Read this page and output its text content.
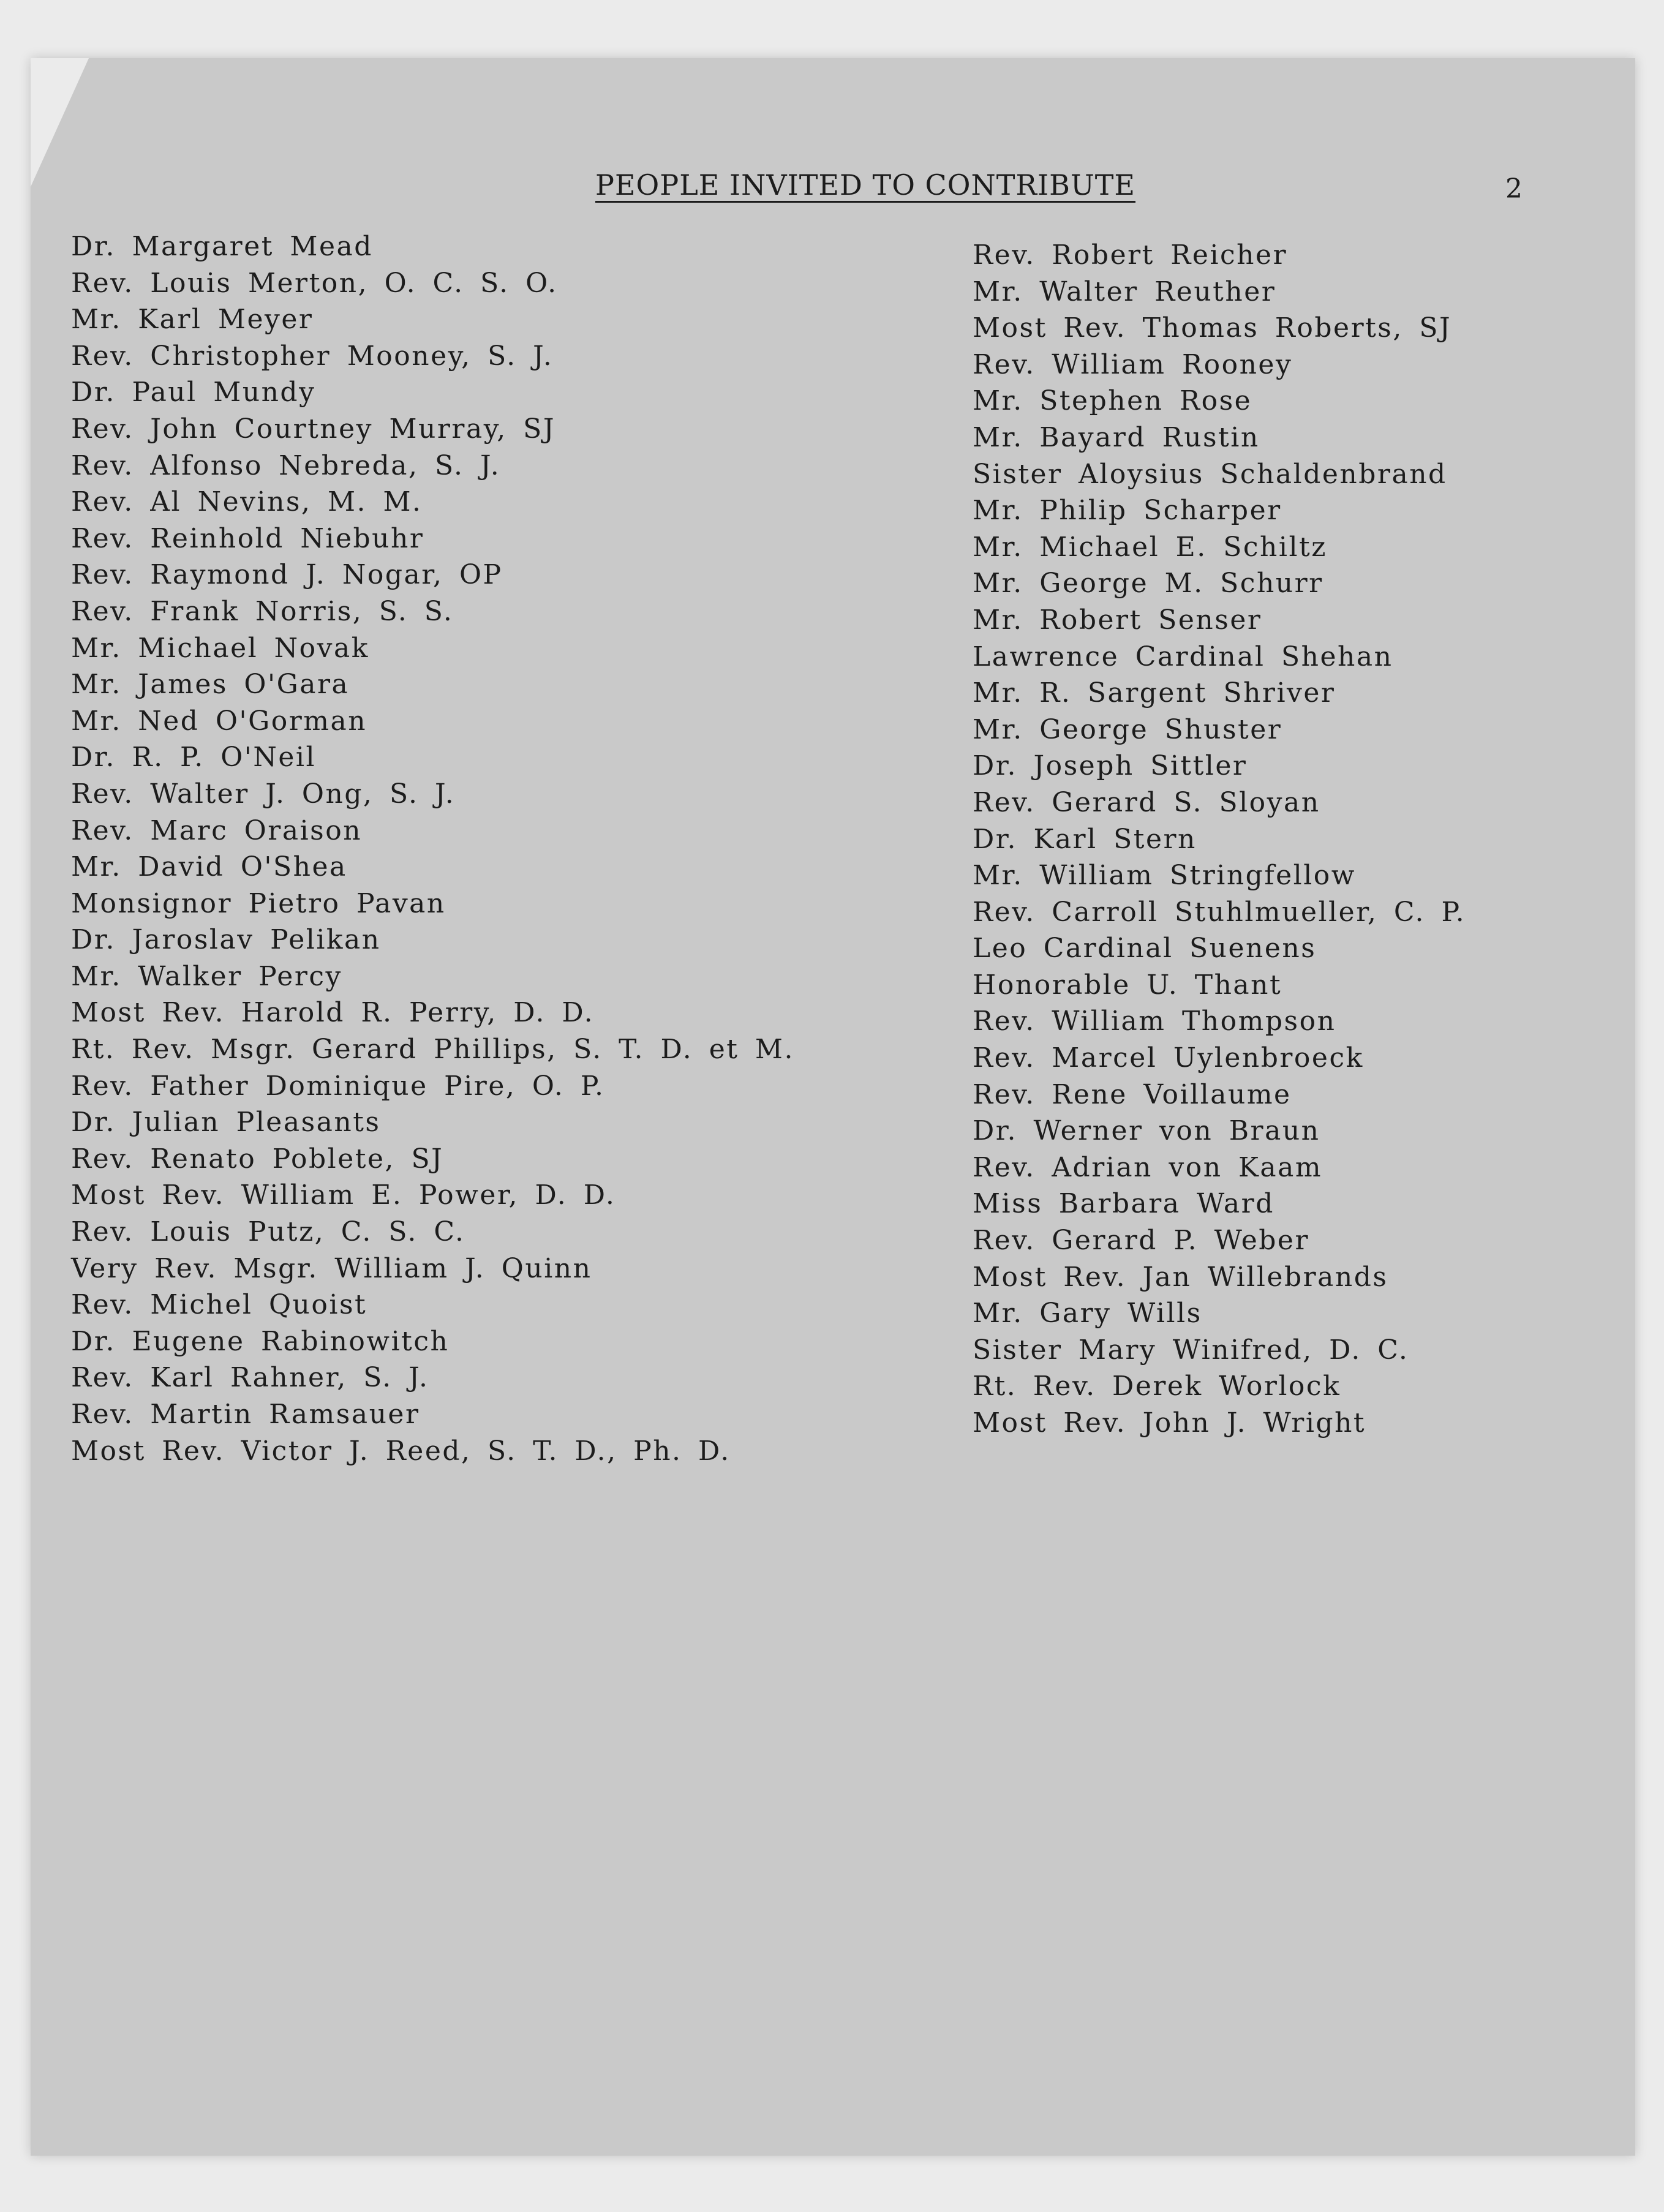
PEOPLE INVITED TO CONTRIBUTE	2
Dr. Margaret Mead
Rev. Louis Merton, O. C. S. O.
Mr. Karl Meyer
Rev. Christopher Mooney, S. J.
Dr. Paul Mundy
Rev. John Courtney Murray, SJ
Rev. Alfonso Nebreda, S. J.
Rev. Al Nevins, M. M.
Rev. Reinhold Niebuhr
Rev. Raymond J. Nogar, OP
Rev. Frank Norris, S. S.
Mr. Michael Novak
Mr. James O'Gara
Mr. Ned O'Gorman
Dr. R. P. O'Neil
Rev. Walter J. Ong, S. J.
Rev. Marc Oraison
Mr. David O'Shea
Monsignor Pietro Pavan
Dr. Jaroslav Pelikan
Mr. Walker Percy
Most Rev. Harold R. Perry, D. D.
Rt. Rev. Msgr. Gerard Phillips, S. T. D. et M.
Rev. Father Dominique Pire, O. P.
Dr. Julian Pleasants
Rev. Renato Poblete, SJ
Most Rev. William E. Power, D. D.
Rev. Louis Putz, C. S. C.
Very Rev. Msgr. William J. Quinn
Rev. Michel Quoist
Dr. Eugene Rabinowitch
Rev. Karl Rahner, S. J.
Rev. Martin Ramsauer
Most Rev. Victor J. Reed, S. T. D., Ph. D.
Rev. Robert Reicher
Mr. Walter Reuther
Most Rev. Thomas Roberts, SJ
Rev. William Rooney
Mr. Stephen Rose
Mr. Bayard Rustin
Sister Aloysius Schaldenbrand
Mr. Philip Scharper
Mr. Michael E. Schiltz
Mr. George M. Schurr
Mr. Robert Senser
Lawrence Cardinal Shehan
Mr. R. Sargent Shriver
Mr. George Shuster
Dr. Joseph Sittler
Rev. Gerard S. Sloyan
Dr. Karl Stern
Mr. William Stringfellow
Rev. Carroll Stuhlmueller, C. P.
Leo Cardinal Suenens
Honorable U. Thant
Rev. William Thompson
Rev. Marcel Uylenbroeck
Rev. Rene Voillaume
Dr. Werner von Braun
Rev. Adrian von Kaam
Miss Barbara Ward
Rev. Gerard P. Weber
Most Rev. Jan Willebrands
Mr. Gary Wills
Sister Mary Winifred, D. C.
Rt. Rev. Derek Worlock
Most Rev. John J. Wright
